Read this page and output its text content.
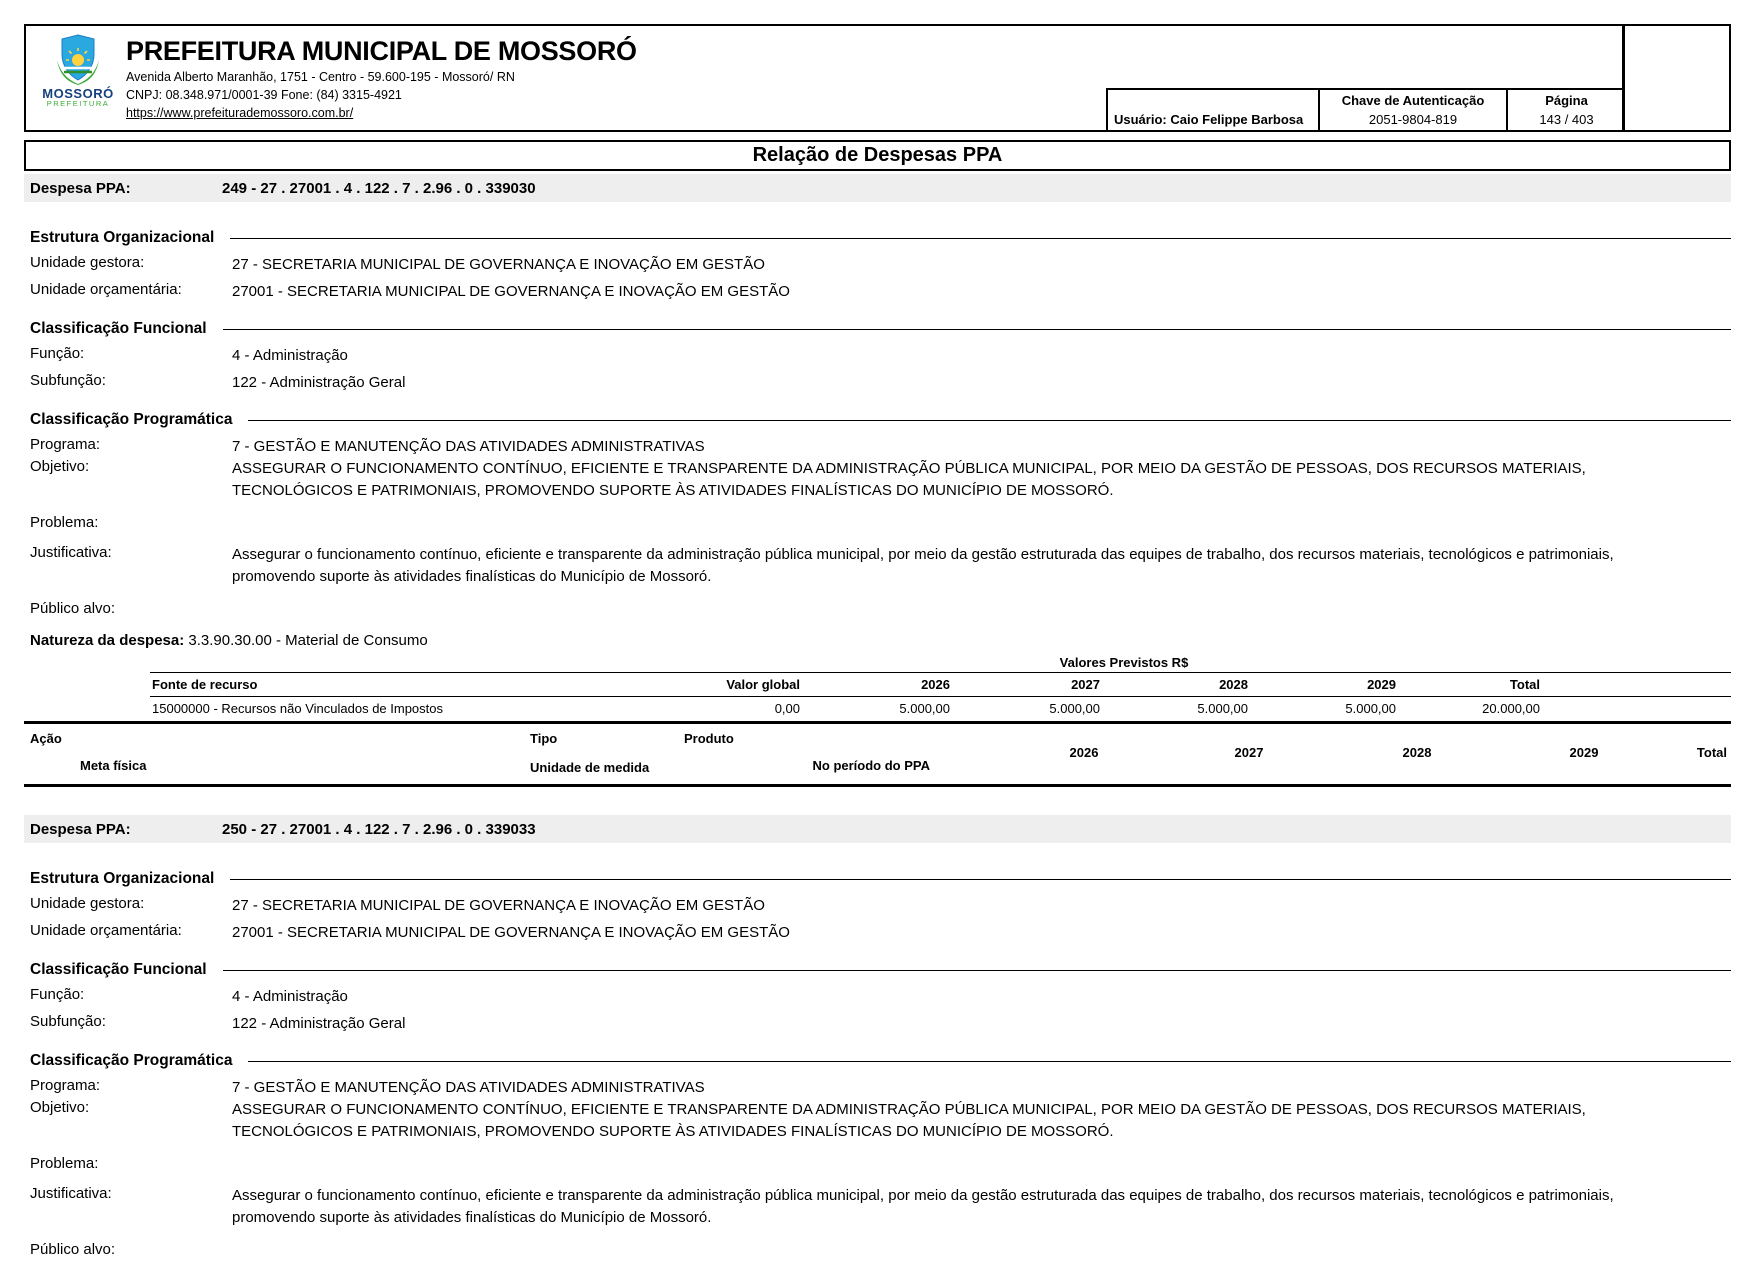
MOSSORÓ
PREFEITURA
PREFEITURA MUNICIPAL DE MOSSORÓ
Avenida Alberto Maranhão, 1751 - Centro - 59.600-195 - Mossoró/ RN
CNPJ: 08.348.971/0001-39 Fone: (84) 3315-4921
https://www.prefeiturademossoro.com.br/	Usuário: Caio Felippe Barbosa
Chave de Autenticação
2051-9804-819
Página
143 / 403
Relação de Despesas PPA
Despesa PPA:	249 - 27 . 27001 . 4 . 122 . 7 . 2.96 . 0 . 339030
Estrutura Organizacional
Unidade gestora:	27 - SECRETARIA MUNICIPAL DE GOVERNANÇA E INOVAÇÃO EM GESTÃO
Unidade orçamentária:	27001 - SECRETARIA MUNICIPAL DE GOVERNANÇA E INOVAÇÃO EM GESTÃO
Classificação Funcional
Função:	4 - Administração
Subfunção:	122 - Administração Geral
Classificação Programática
Programa:	7 - GESTÃO E MANUTENÇÃO DAS ATIVIDADES ADMINISTRATIVAS
Objetivo:	ASSEGURAR O FUNCIONAMENTO CONTÍNUO, EFICIENTE E TRANSPARENTE DA ADMINISTRAÇÃO PÚBLICA MUNICIPAL, POR MEIO DA GESTÃO DE PESSOAS, DOS RECURSOS MATERIAIS, TECNOLÓGICOS E PATRIMONIAIS, PROMOVENDO SUPORTE ÀS ATIVIDADES FINALÍSTICAS DO MUNICÍPIO DE MOSSORÓ.
Problema:
Justificativa:	Assegurar o funcionamento contínuo, eficiente e transparente da administração pública municipal, por meio da gestão estruturada das equipes de trabalho, dos recursos materiais, tecnológicos e patrimoniais, promovendo suporte às atividades finalísticas do Município de Mossoró.
Público alvo:
Natureza da despesa: 3.3.90.30.00 - Material de Consumo
Valores Previstos R$
Fonte de recurso	Valor global	2026	2027	2028	2029	Total	
15000000 - Recursos não Vinculados de Impostos	0,00	5.000,00	5.000,00	5.000,00	5.000,00	20.000,00	
Ação	Tipo	Produto
Meta física	Unidade de medida	No período do PPA
2026	2027	2028	2029	Total
Despesa PPA:	250 - 27 . 27001 . 4 . 122 . 7 . 2.96 . 0 . 339033
Estrutura Organizacional
Unidade gestora:	27 - SECRETARIA MUNICIPAL DE GOVERNANÇA E INOVAÇÃO EM GESTÃO
Unidade orçamentária:	27001 - SECRETARIA MUNICIPAL DE GOVERNANÇA E INOVAÇÃO EM GESTÃO
Classificação Funcional
Função:	4 - Administração
Subfunção:	122 - Administração Geral
Classificação Programática
Programa:	7 - GESTÃO E MANUTENÇÃO DAS ATIVIDADES ADMINISTRATIVAS
Objetivo:	ASSEGURAR O FUNCIONAMENTO CONTÍNUO, EFICIENTE E TRANSPARENTE DA ADMINISTRAÇÃO PÚBLICA MUNICIPAL, POR MEIO DA GESTÃO DE PESSOAS, DOS RECURSOS MATERIAIS, TECNOLÓGICOS E PATRIMONIAIS, PROMOVENDO SUPORTE ÀS ATIVIDADES FINALÍSTICAS DO MUNICÍPIO DE MOSSORÓ.
Problema:
Justificativa:	Assegurar o funcionamento contínuo, eficiente e transparente da administração pública municipal, por meio da gestão estruturada das equipes de trabalho, dos recursos materiais, tecnológicos e patrimoniais, promovendo suporte às atividades finalísticas do Município de Mossoró.
Público alvo:
